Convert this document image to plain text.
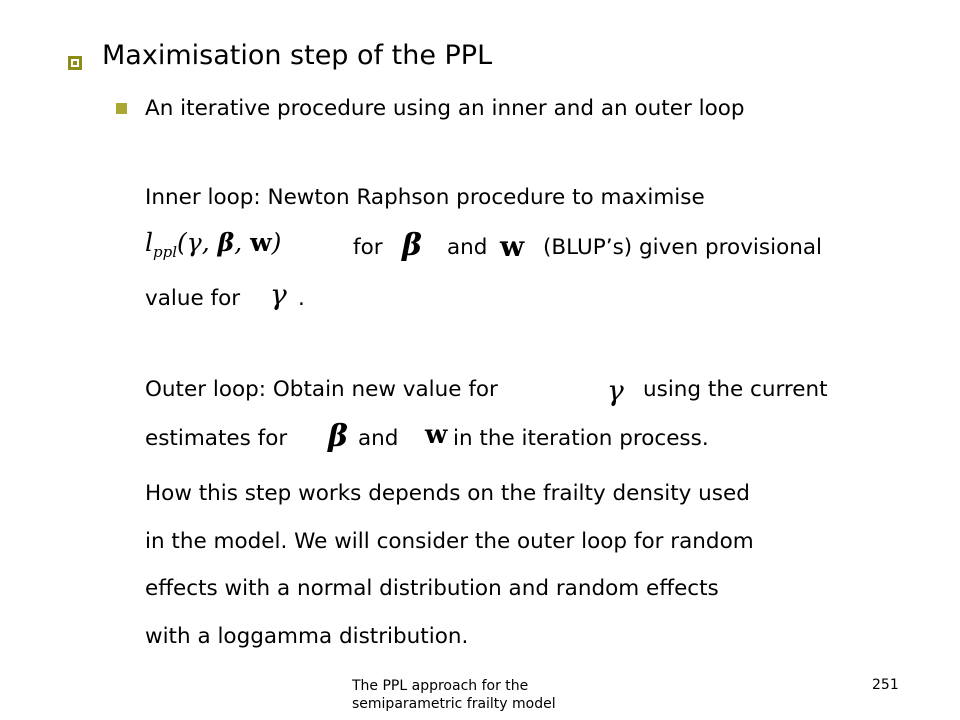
Maximisation step of the PPL
An iterative procedure using an inner and an outer loop
Inner loop: Newton Raphson procedure to maximise
$l_{ppl}(\gamma$, β, w)	for β and w (BLUP’s) given provisional
value for γ .
Outer loop: Obtain new value for	γ using the current
estimates for β and w in the iteration process.
How this step works depends on the frailty density used
in the model. We will consider the outer loop for random
effects with a normal distribution and random effects
with a loggamma distribution.
The PPL approach for the semiparametric frailty model
251
